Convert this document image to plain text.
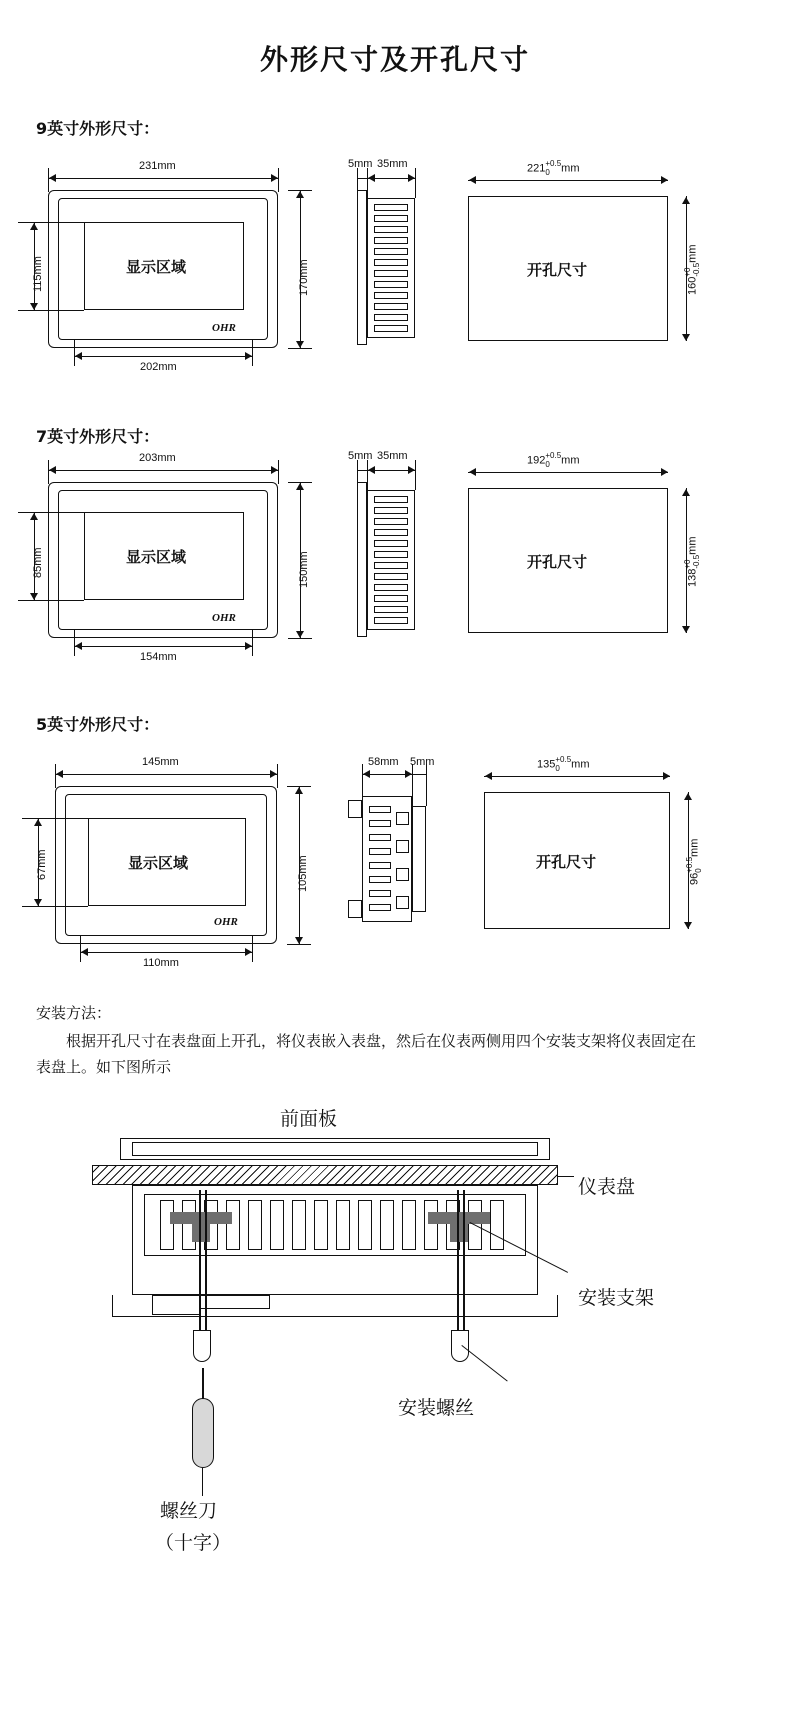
外形尺寸及开孔尺寸
9英寸外形尺寸：
显示区域
OHR
231mm
170mm
115mm
202mm
5mm 35mm
开孔尺寸
221 +0.5
0	mm
160
+0 -0.5
mm
7英寸外形尺寸：
显示区域
OHR
203mm
150mm
85mm
154mm
5mm 35mm
开孔尺寸
192 +0.5
0	mm
138
+0 -0.5
mm
5英寸外形尺寸：
显示区域
OHR
145mm
105mm
67mm
110mm
58mm 5mm
开孔尺寸
135 +0.5
0	mm
96
+0.5 0
mm
安装方法：
根据开孔尺寸在表盘面上开孔，将仪表嵌入表盘，然后在仪表两侧用四个安装支架将仪表固定在表盘上。如下图所示
前面板
仪表盘
安装支架
安装螺丝
螺丝刀
（十字）
